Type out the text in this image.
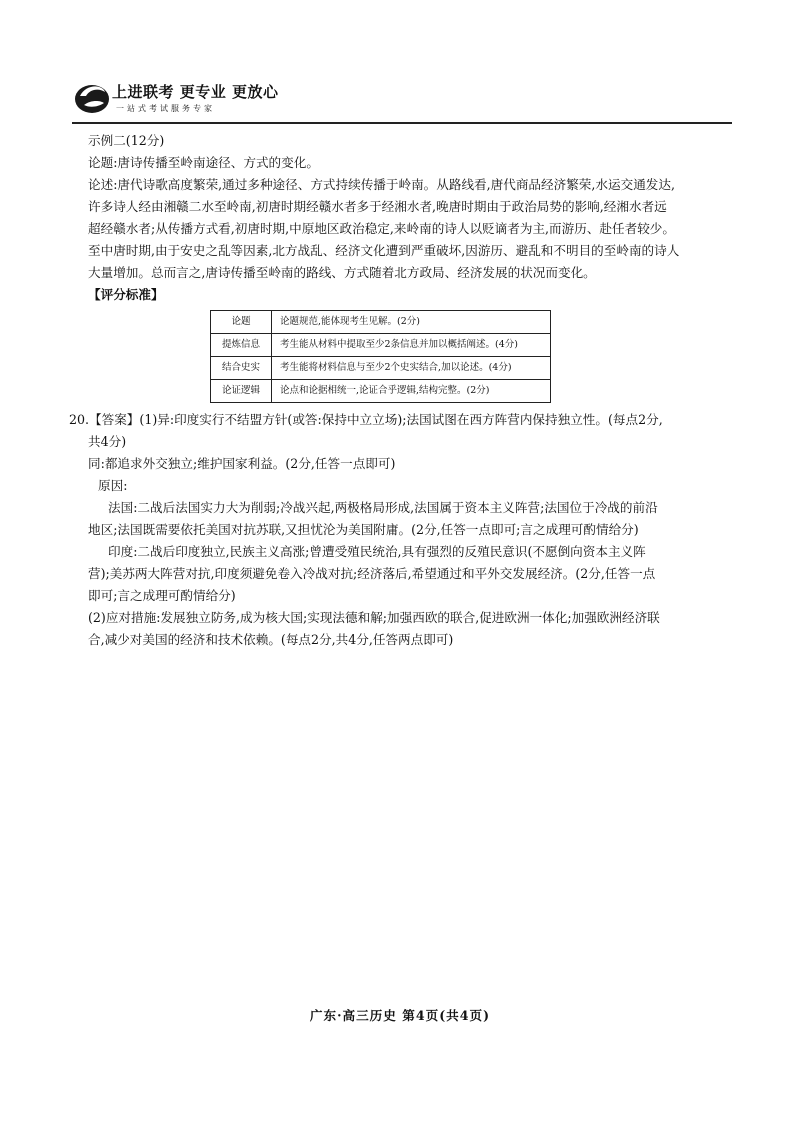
上进联考 更专业 更放心
一站式考试服务专家

示例二(12分)

论题:唐诗传播至岭南途径、方式的变化。

论述:唐代诗歌高度繁荣,通过多种途径、方式持续传播于岭南。从路线看,唐代商品经济繁荣,水运交通发达,

许多诗人经由湘赣二水至岭南,初唐时期经赣水者多于经湘水者,晚唐时期由于政治局势的影响,经湘水者远

超经赣水者;从传播方式看,初唐时期,中原地区政治稳定,来岭南的诗人以贬谪者为主,而游历、赴任者较少。

至中唐时期,由于安史之乱等因素,北方战乱、经济文化遭到严重破坏,因游历、避乱和不明目的至岭南的诗人

大量增加。总而言之,唐诗传播至岭南的路线、方式随着北方政局、经济发展的状况而变化。

【评分标准】

论题	论题规范,能体现考生见解。(2分)
提炼信息	考生能从材料中提取至少2条信息并加以概括阐述。(4分)
结合史实	考生能将材料信息与至少2个史实结合,加以论述。(4分)
论证逻辑	论点和论据相统一,论证合乎逻辑,结构完整。(2分)

20.【答案】(1)异:印度实行不结盟方针(或答:保持中立立场);法国试图在西方阵营内保持独立性。(每点2分,

共4分)

同:都追求外交独立;维护国家利益。(2分,任答一点即可)

原因:

法国:二战后法国实力大为削弱;冷战兴起,两极格局形成,法国属于资本主义阵营;法国位于冷战的前沿

地区;法国既需要依托美国对抗苏联,又担忧沦为美国附庸。(2分,任答一点即可;言之成理可酌情给分)

印度:二战后印度独立,民族主义高涨;曾遭受殖民统治,具有强烈的反殖民意识(不愿倒向资本主义阵

营);美苏两大阵营对抗,印度须避免卷入冷战对抗;经济落后,希望通过和平外交发展经济。(2分,任答一点

即可;言之成理可酌情给分)

(2)应对措施:发展独立防务,成为核大国;实现法德和解;加强西欧的联合,促进欧洲一体化;加强欧洲经济联

合,减少对美国的经济和技术依赖。(每点2分,共4分,任答两点即可)

广东·高三历史 第4页(共4页)
